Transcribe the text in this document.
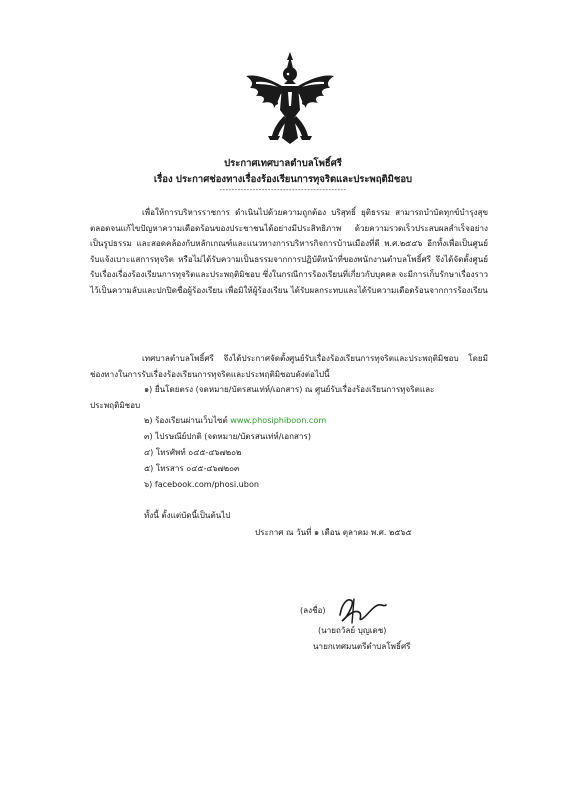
ประกาศเทศบาลตำบลโพธิ์ศรี
เรื่อง ประกาศช่องทางเรื่องร้องเรียนการทุจริตและประพฤติมิชอบ
------------------------------------------
เพื่อให้การบริหารราชการ ดำเนินไปด้วยความถูกต้อง บริสุทธิ์ ยุติธรรม สามารถบำบัดทุกข์บำรุงสุขตลอดจนแก้ไขปัญหาความเดือดร้อนของประชาชนได้อย่างมีประสิทธิภาพ ด้วยความรวดเร็วประสบผลสำเร็จอย่างเป็นรูปธรรม และสอดคล้องกับหลักเกณฑ์และแนวทางการบริหารกิจการบ้านเมืองที่ดี พ.ศ.๒๕๔๖ อีกทั้งเพื่อเป็นศูนย์รับแจ้งเบาะแสการทุจริต หรือไม่ได้รับความเป็นธรรมจากการปฏิบัติหน้าที่ของพนักงานตำบลโพธิ์ศรี จึงได้จัดตั้งศูนย์รับเรื่องเรื่องร้องเรียนการทุจริตและประพฤติมิชอบ ซึ่งในกรณีการร้องเรียนที่เกี่ยวกับบุคคล จะมีการเก็บรักษาเรื่องราวไว้เป็นความลับและปกปิดชื่อผู้ร้องเรียน เพื่อมิให้ผู้ร้องเรียน ได้รับผลกระทบและได้รับความเดือดร้อนจากการร้องเรียน
เทศบาลตำบลโพธิ์ศรี จึงได้ประกาศจัดตั้งศูนย์รับเรื่องร้องเรียนการทุจริตและประพฤติมิชอบ โดยมีช่องทางในการรับเรื่องร้องเรียนการทุจริตและประพฤติมิชอบดังต่อไปนี้
๑) ยื่นโดยตรง (จดหมาย/บัตรสนเท่ห์/เอกสาร) ณ ศูนย์รับเรื่องร้องเรียนการทุจริตและ
ประพฤติมิชอบ
๒) ร้องเรียนผ่านเว็บไซต์ www.phosiphiboon.com
๓) ไปรษณีย์ปกติ (จดหมาย/บัตรสนเท่ห์/เอกสาร)
๔) โทรศัพท์ ๐๔๕-๔๖๗๒๐๒
๕) โทรสาร ๐๔๕-๔๖๗๒๐๓
๖) facebook.com/phosi.ubon
ทั้งนี้ ตั้งแต่บัดนี้เป็นต้นไป
ประกาศ ณ วันที่ ๑ เดือน ตุลาคม พ.ศ. ๒๕๖๕
(ลงชื่อ)
(นายถวัลย์ บุญเดช)
นายกเทศมนตรีตำบลโพธิ์ศรี
